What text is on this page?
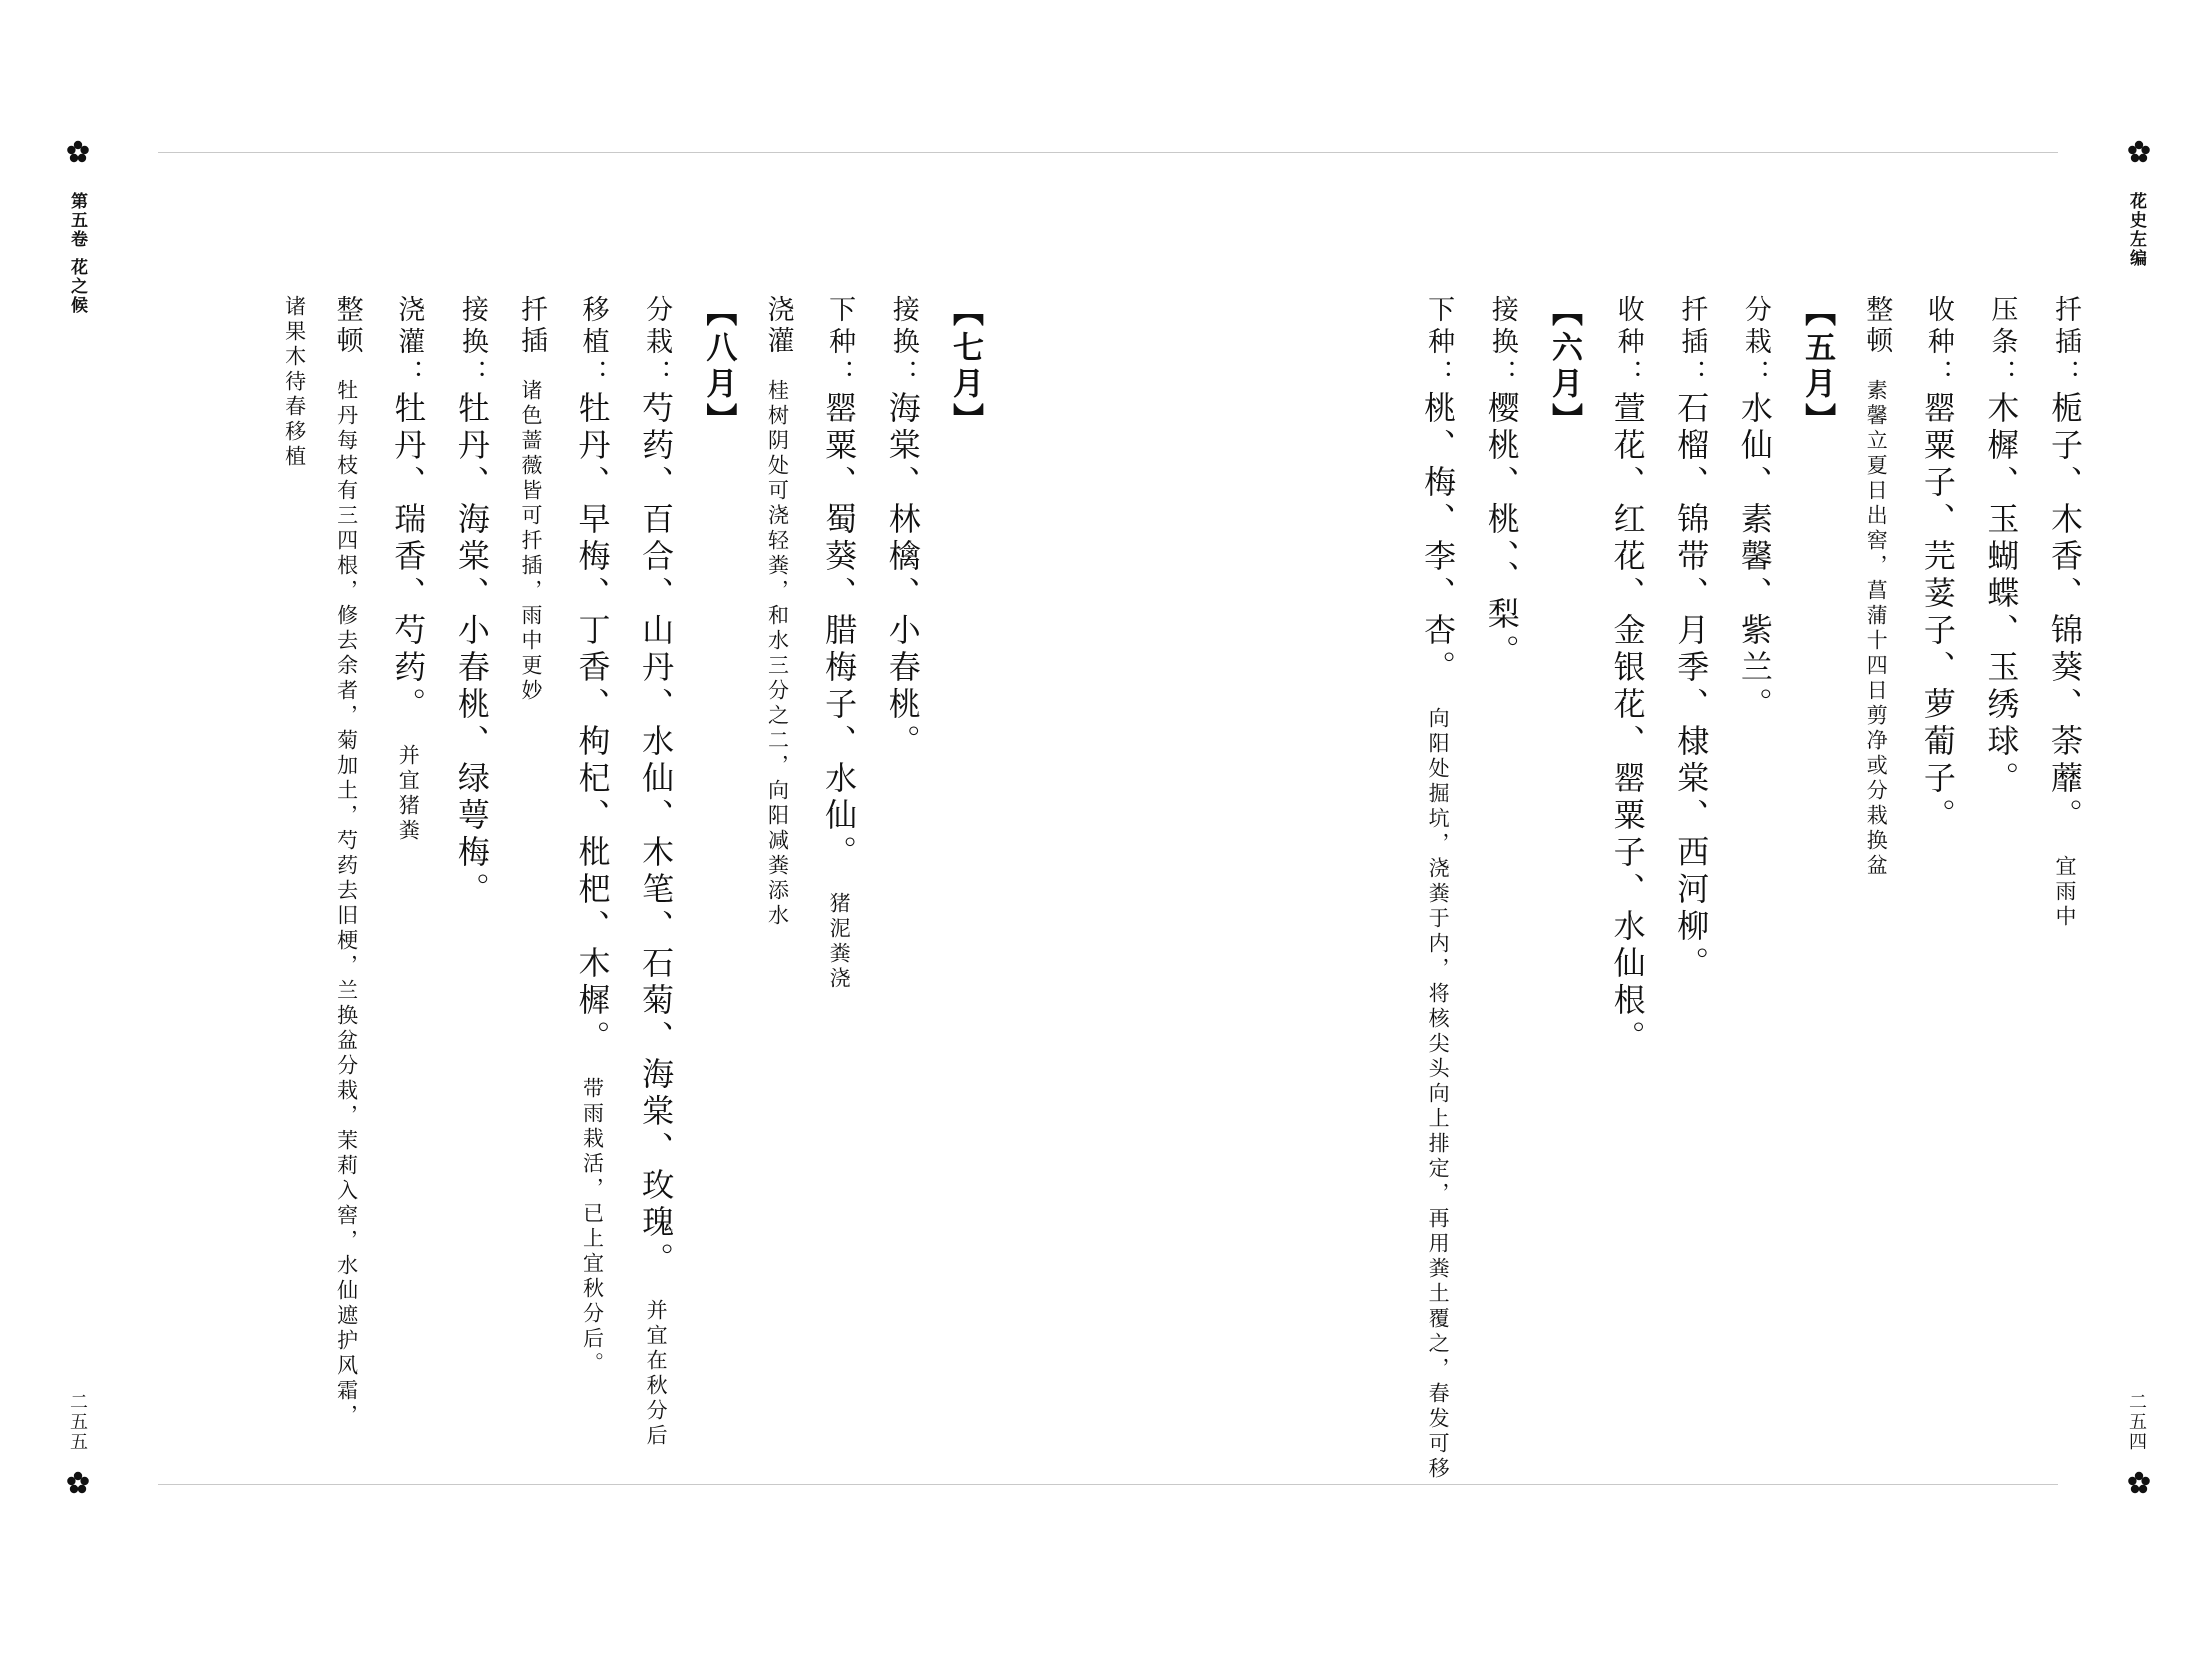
第五卷
花之候
花史左编
二五五	二五四
扦插：栀子、木香、锦葵、荼蘼。宜雨中
压条：木樨、玉蝴蝶、玉绣球。
收种：罂粟子、芫荽子、萝葡子。
整顿素馨立夏日出窖，菖蒲十四日剪净或分栽换盆
【五月】
分栽：水仙、素馨、紫兰。
扦插：石榴、锦带、月季、棣棠、西河柳。
收种：萱花、红花、金银花、罂粟子、水仙根。
【六月】
接换：樱桃、桃、、梨。
下种：桃、梅、李、杏。向阳处掘坑，浇粪于内，将核尖头向上排定，再用粪土覆之，春发可移
【七月】
接换：海棠、林檎、小春桃。
下种：罂粟、蜀葵、腊梅子、水仙。猪泥粪浇
浇灌桂树阴处可浇轻粪，和水三分之二，向阳减粪添水
【八月】
分栽：芍药、百合、山丹、水仙、木笔、石菊、海棠、玫瑰。并宜在秋分后
移植：牡丹、早梅、丁香、枸杞、枇杷、木樨。带雨栽活，已上宜秋分后。
扦插诸色蔷薇皆可扦插，雨中更妙
接换：牡丹、海棠、小春桃、绿萼梅。
浇灌：牡丹、瑞香、芍药。并宜猪粪
整顿牡丹每枝有三四根，修去余者，菊加土，芍药去旧梗，兰换盆分栽，茉莉入窖，水仙遮护风霜，
诸果木待春移植
